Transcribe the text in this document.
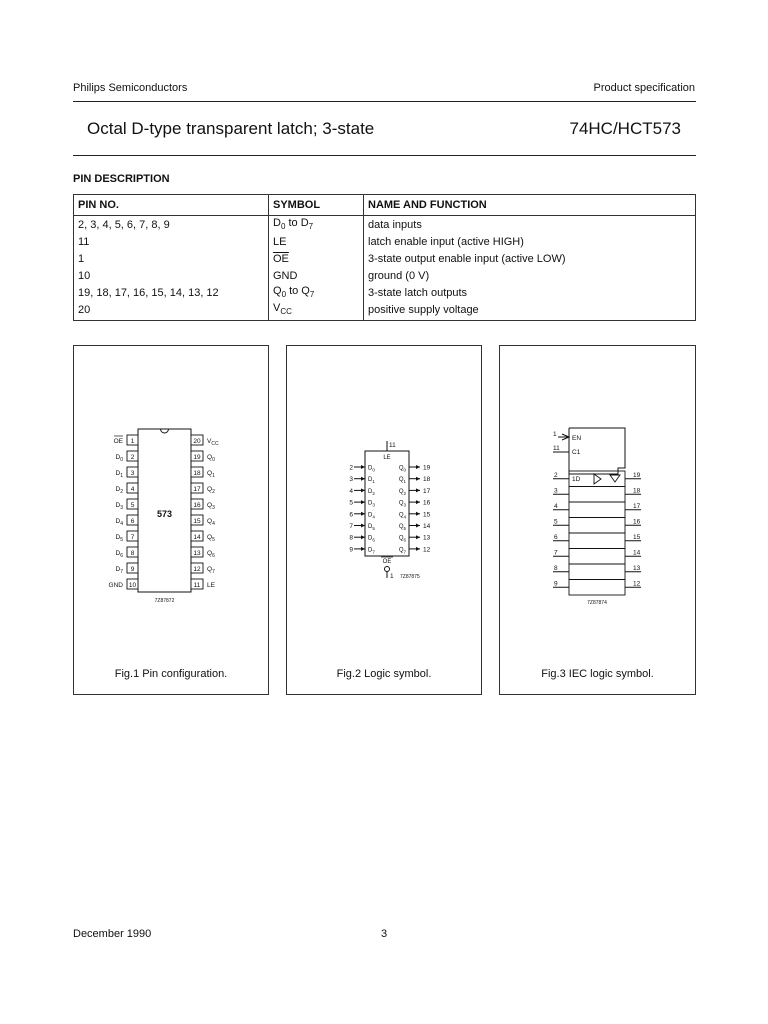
Philips Semiconductors	Product specification
Octal D-type transparent latch; 3-state	74HC/HCT573
PIN DESCRIPTION
PIN NO.	SYMBOL	NAME AND FUNCTION
2, 3, 4, 5, 6, 7, 8, 9	$D_0$ to $D_7$	data inputs
11	LE	latch enable input (active HIGH)
1	$\overline{OE}$	3-state output enable input (active LOW)
10	GND	ground (0 V)
19, 18, 17, 16, 15, 14, 13, 12	$Q_0$ to $Q_7$	3-state latch outputs
20	$V_{CC}$	positive supply voltage
573
1
OE
2
$D_0$
3
$D_1$
4
$D_2$
5
$D_3$
6
$D_4$
7
$D_5$
8
$D_6$
9
$D_7$
10
GND
20 $V_{CC}$
19 $Q_0$
18 $Q_1$
17 $Q_2$
16 $Q_3$
15 $Q_4$
14 $Q_5$
13 $Q_6$
12 $Q_7$
11 LE
7Z87872
Fig.1 Pin configuration.
11
LE
OE
1 7Z87875
2	$D_0$
3	$D_1$
4	$D_2$
5	$D_3$
6	$D_4$
7	$D_5$
8	$D_6$
9	$D_7$
$Q_0$	19
$Q_1$	18
$Q_2$	17
$Q_3$	16
$Q_4$	15
$Q_5$	14
$Q_6$	13
$Q_7$	12
Fig.2 Logic symbol.
1
EN
11
C1
2	19
3	18
4	17
5	16
6	15
7	14
8	13
9	12
1D
7Z87874
Fig.3 IEC logic symbol.
December 1990	3
